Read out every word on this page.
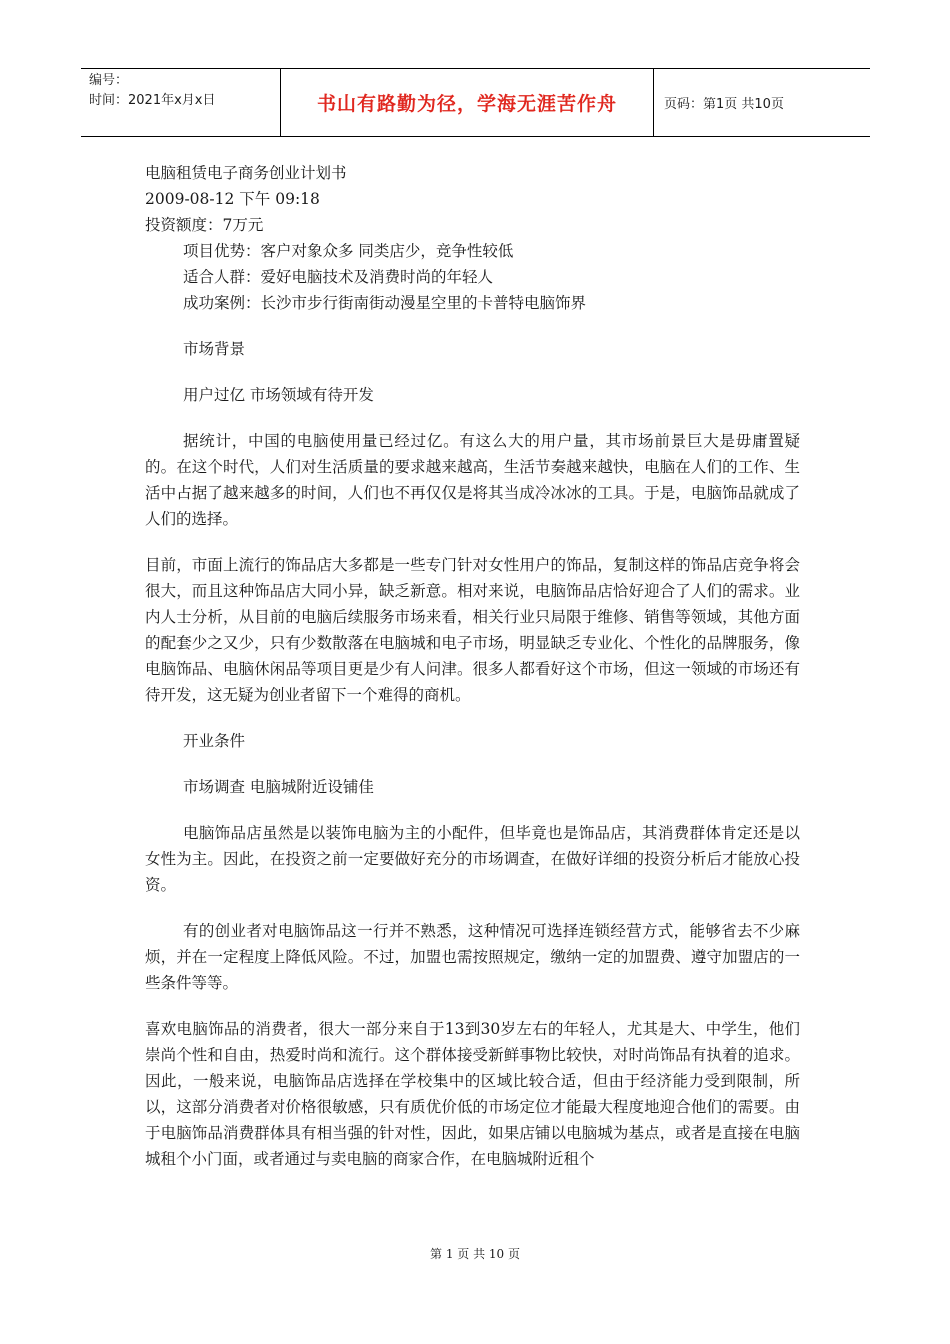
编号：
时间：2021年x月x日	书山有路勤为径，学海无涯苦作舟	页码：第1页 共10页

电脑租赁电子商务创业计划书

2009-08-12 下午 09:18

投资额度：7万元

项目优势：客户对象众多 同类店少，竞争性较低

适合人群：爱好电脑技术及消费时尚的年轻人

成功案例：长沙市步行街南街动漫星空里的卡普特电脑饰界

市场背景

用户过亿 市场领域有待开发

据统计，中国的电脑使用量已经过亿。有这么大的用户量，其市场前景巨大是毋庸置疑的。在这个时代，人们对生活质量的要求越来越高，生活节奏越来越快，电脑在人们的工作、生活中占据了越来越多的时间，人们也不再仅仅是将其当成冷冰冰的工具。于是，电脑饰品就成了人们的选择。

目前，市面上流行的饰品店大多都是一些专门针对女性用户的饰品，复制这样的饰品店竞争将会很大，而且这种饰品店大同小异，缺乏新意。相对来说，电脑饰品店恰好迎合了人们的需求。业内人士分析，从目前的电脑后续服务市场来看，相关行业只局限于维修、销售等领域，其他方面的配套少之又少，只有少数散落在电脑城和电子市场，明显缺乏专业化、个性化的品牌服务，像电脑饰品、电脑休闲品等项目更是少有人问津。很多人都看好这个市场，但这一领域的市场还有待开发，这无疑为创业者留下一个难得的商机。

开业条件

市场调查 电脑城附近设铺佳

电脑饰品店虽然是以装饰电脑为主的小配件，但毕竟也是饰品店，其消费群体肯定还是以女性为主。因此，在投资之前一定要做好充分的市场调查，在做好详细的投资分析后才能放心投资。

有的创业者对电脑饰品这一行并不熟悉，这种情况可选择连锁经营方式，能够省去不少麻烦，并在一定程度上降低风险。不过，加盟也需按照规定，缴纳一定的加盟费、遵守加盟店的一些条件等等。

喜欢电脑饰品的消费者，很大一部分来自于13到30岁左右的年轻人，尤其是大、中学生，他们崇尚个性和自由，热爱时尚和流行。这个群体接受新鲜事物比较快，对时尚饰品有执着的追求。因此，一般来说，电脑饰品店选择在学校集中的区域比较合适，但由于经济能力受到限制，所以，这部分消费者对价格很敏感，只有质优价低的市场定位才能最大程度地迎合他们的需要。由于电脑饰品消费群体具有相当强的针对性，因此，如果店铺以电脑城为基点，或者是直接在电脑城租个小门面，或者通过与卖电脑的商家合作，在电脑城附近租个

第 1 页 共 10 页
